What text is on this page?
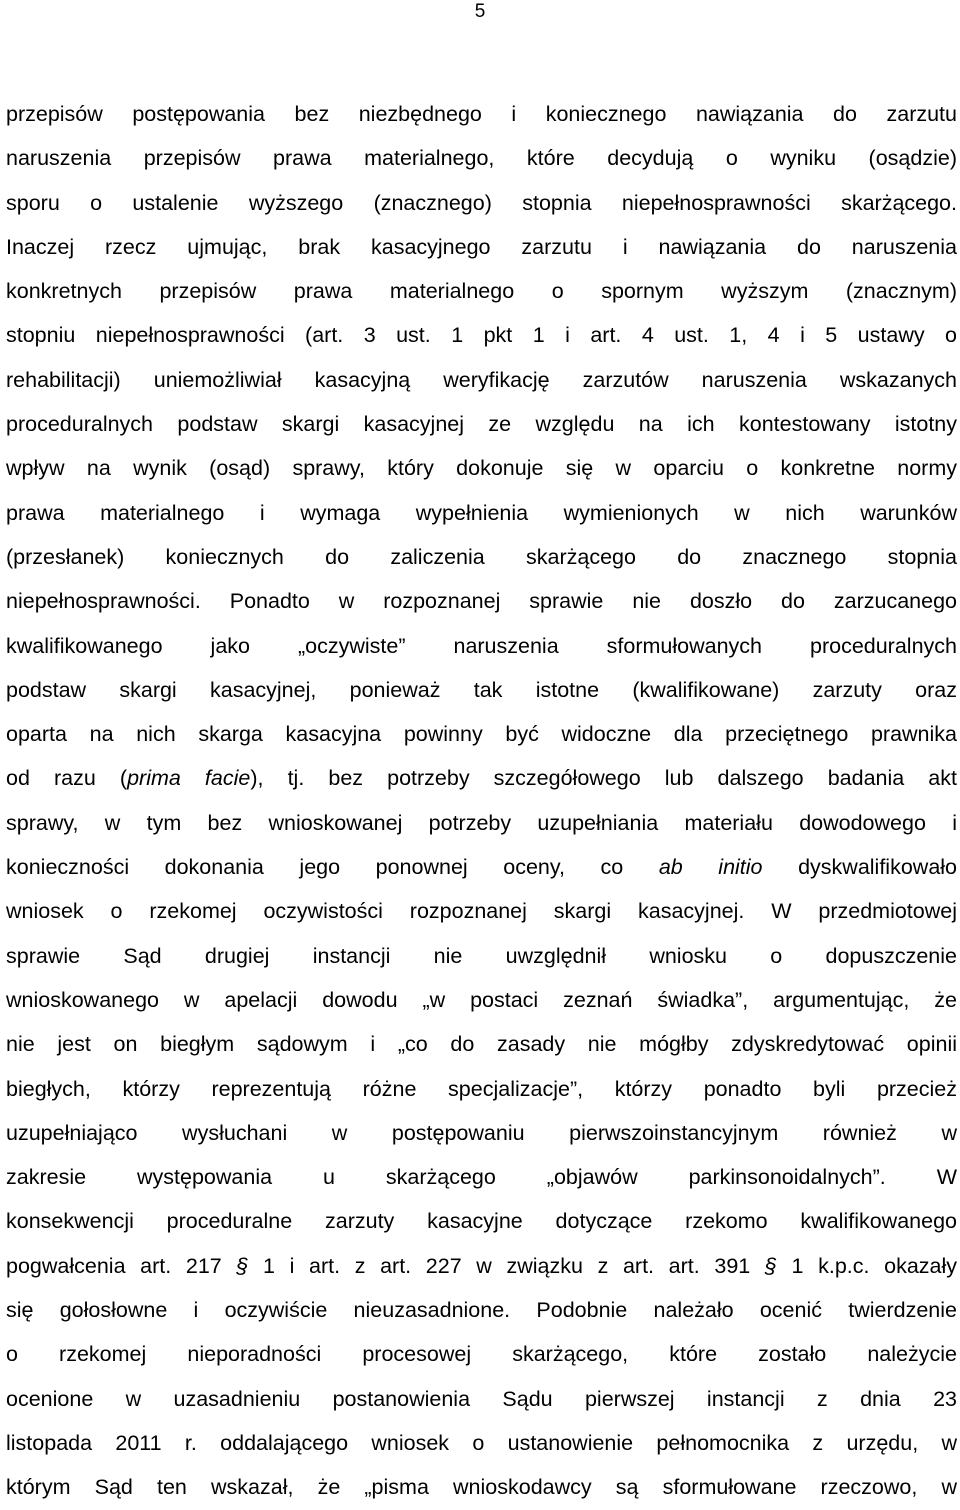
5
przepisów postępowania bez niezbędnego i koniecznego nawiązania do zarzutu
naruszenia przepisów prawa materialnego, które decydują o wyniku (osądzie)
sporu o ustalenie wyższego (znacznego) stopnia niepełnosprawności skarżącego.
Inaczej rzecz ujmując, brak kasacyjnego zarzutu i nawiązania do naruszenia
konkretnych przepisów prawa materialnego o spornym wyższym (znacznym)
stopniu niepełnosprawności (art. 3 ust. 1 pkt 1 i art. 4 ust. 1, 4 i 5 ustawy o
rehabilitacji) uniemożliwiał kasacyjną weryfikację zarzutów naruszenia wskazanych
proceduralnych podstaw skargi kasacyjnej ze względu na ich kontestowany istotny
wpływ na wynik (osąd) sprawy, który dokonuje się w oparciu o konkretne normy
prawa materialnego i wymaga wypełnienia wymienionych w nich warunków
(przesłanek) koniecznych do zaliczenia skarżącego do znacznego stopnia
niepełnosprawności. Ponadto w rozpoznanej sprawie nie doszło do zarzucanego
kwalifikowanego jako „oczywiste” naruszenia sformułowanych proceduralnych
podstaw skargi kasacyjnej, ponieważ tak istotne (kwalifikowane) zarzuty oraz
oparta na nich skarga kasacyjna powinny być widoczne dla przeciętnego prawnika
od razu (prima facie), tj. bez potrzeby szczegółowego lub dalszego badania akt
sprawy, w tym bez wnioskowanej potrzeby uzupełniania materiału dowodowego i
konieczności dokonania jego ponownej oceny, co ab initio dyskwalifikowało
wniosek o rzekomej oczywistości rozpoznanej skargi kasacyjnej. W przedmiotowej
sprawie Sąd drugiej instancji nie uwzględnił wniosku o dopuszczenie
wnioskowanego w apelacji dowodu „w postaci zeznań świadka”, argumentując, że
nie jest on biegłym sądowym i „co do zasady nie mógłby zdyskredytować opinii
biegłych, którzy reprezentują różne specjalizacje”, którzy ponadto byli przecież
uzupełniająco wysłuchani w postępowaniu pierwszoinstancyjnym również w
zakresie występowania u skarżącego „objawów parkinsonoidalnych”. W
konsekwencji proceduralne zarzuty kasacyjne dotyczące rzekomo kwalifikowanego
pogwałcenia art. 217 § 1 i art. z art. 227 w związku z art. art. 391 § 1 k.p.c. okazały
się gołosłowne i oczywiście nieuzasadnione. Podobnie należało ocenić twierdzenie
o rzekomej nieporadności procesowej skarżącego, które zostało należycie
ocenione w uzasadnieniu postanowienia Sądu pierwszej instancji z dnia 23
listopada 2011 r. oddalającego wniosek o ustanowienie pełnomocnika z urzędu, w
którym Sąd ten wskazał, że „pisma wnioskodawcy są sformułowane rzeczowo, w
